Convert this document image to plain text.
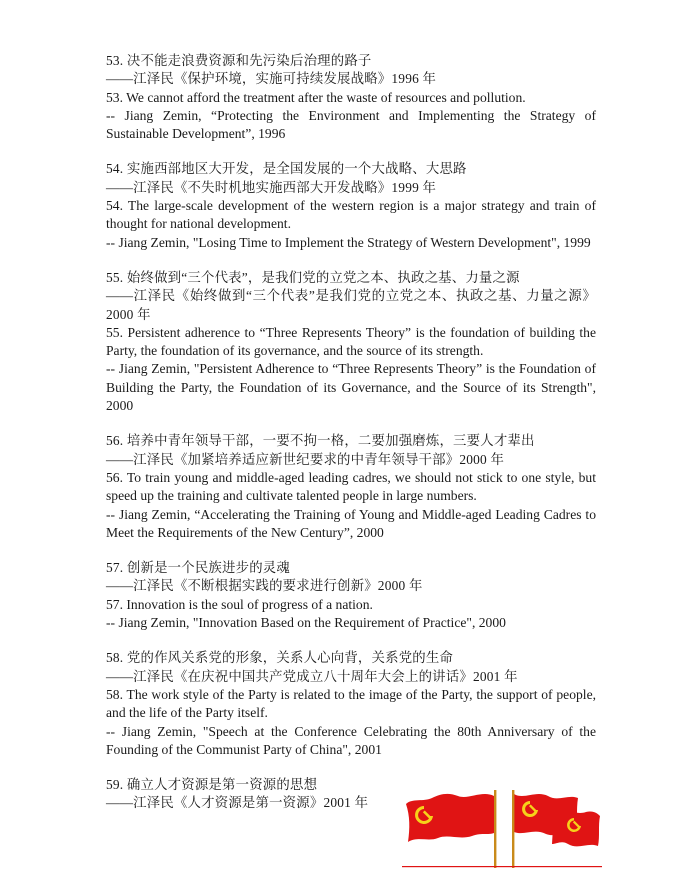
53. 决不能走浪费资源和先污染后治理的路子

——江泽民《保护环境，实施可持续发展战略》1996 年

53. We cannot afford the treatment after the waste of resources and pollution.

-- Jiang Zemin, “Protecting the Environment and Implementing the Strategy of Sustainable Development”, 1996

54. 实施西部地区大开发，是全国发展的一个大战略、大思路

——江泽民《不失时机地实施西部大开发战略》1999 年

54. The large-scale development of the western region is a major strategy and train of thought for national development.

-- Jiang Zemin, "Losing Time to Implement the Strategy of Western Development", 1999

55. 始终做到“三个代表”，是我们党的立党之本、执政之基、力量之源

——江泽民《始终做到“三个代表”是我们党的立党之本、执政之基、力量之源》2000 年

55. Persistent adherence to “Three Represents Theory” is the foundation of building the Party, the foundation of its governance, and the source of its strength.

-- Jiang Zemin, "Persistent Adherence to “Three Represents Theory” is the Foundation of Building the Party, the Foundation of its Governance, and the Source of its Strength", 2000

56. 培养中青年领导干部，一要不拘一格，二要加强磨炼，三要人才辈出

——江泽民《加紧培养适应新世纪要求的中青年领导干部》2000 年

56. To train young and middle-aged leading cadres, we should not stick to one style, but speed up the training and cultivate talented people in large numbers.

-- Jiang Zemin, “Accelerating the Training of Young and Middle-aged Leading Cadres to Meet the Requirements of the New Century”, 2000

57. 创新是一个民族进步的灵魂

——江泽民《不断根据实践的要求进行创新》2000 年

57. Innovation is the soul of progress of a nation.

-- Jiang Zemin, "Innovation Based on the Requirement of Practice", 2000

58. 党的作风关系党的形象，关系人心向背，关系党的生命

——江泽民《在庆祝中国共产党成立八十周年大会上的讲话》2001 年

58. The work style of the Party is related to the image of the Party, the support of people, and the life of the Party itself.

-- Jiang Zemin, "Speech at the Conference Celebrating the 80th Anniversary of the Founding of the Communist Party of China", 2001

59. 确立人才资源是第一资源的思想

——江泽民《人才资源是第一资源》2001 年
